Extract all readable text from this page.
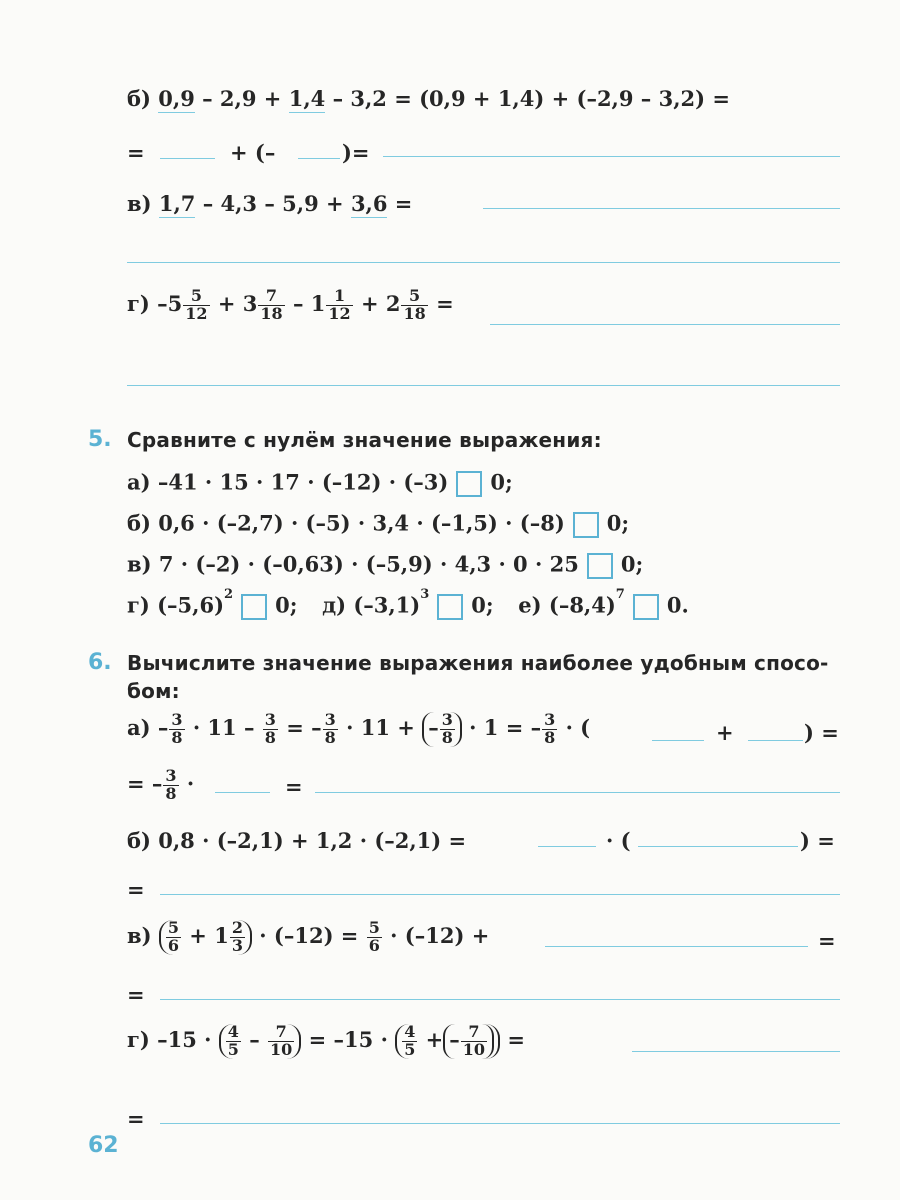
б) 0,9 – 2,9 + 1,4 – 3,2 = (0,9 + 1,4) + (–2,9 – 3,2) =
=	+ (–	)=
в) 1,7 – 4,3 – 5,9 + 3,6 =
г) $-5 \frac{5}{12} + 3 \frac{7}{18} - 1 \frac{1}{12} + 2 \frac{5}{18}$ =
5. Сравните с нулём значение выражения:
а) –41 · 15 · 17 · (–12) · (–3) 0;
б) 0,6 · (–2,7) · (–5) · 3,4 · (–1,5) · (–8) 0;
в) 7 · (–2) · (–0,63) · (–5,9) · 4,3 · 0 · 25 0;
г) $(-5,6)^2$ 0; д) $(-3,1)^3$ 0; е) $(-8,4)^7$ 0.
6. Вычислите значение выражения наиболее удобным спосо-
бом:
$а) - \frac{3}{8} \cdot 11 - \frac{3}{8}$ = – $\frac{3}{8} \cdot 11$ + – $\frac{3}{8} \cdot 1$ = – $\frac{3}{8}$ · (	+	) =
= – $\frac{3}{8}$ ·	=
б) 0,8 · (–2,1) + 1,2 · (–2,1) =	· (	) =
=
$в) \frac{5}{6} + 1 \frac{2}{3} \cdot (-12) = \frac{5}{6} \cdot (-12)$ +	=
=
г) $-15 \cdot \frac{4}{5} - \frac{7}{10} = -15 \cdot \frac{4}{5}$ + – $\frac{7}{10}$ =
=
62
